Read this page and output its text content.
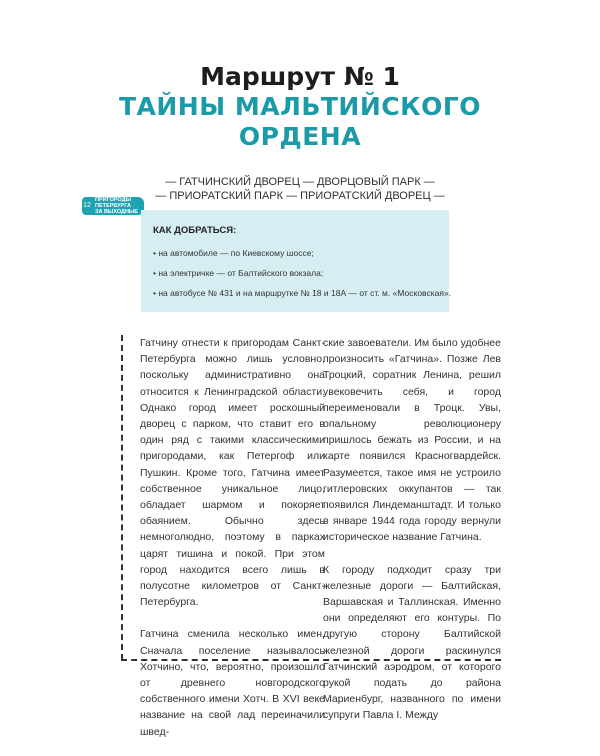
Маршрут № 1
ТАЙНЫ МАЛЬТИЙСКОГО
ОРДЕНА
— ГАТЧИНСКИЙ ДВОРЕЦ — ДВОРЦОВЫЙ ПАРК —
— ПРИОРАТСКИЙ ПАРК — ПРИОРАТСКИЙ ДВОРЕЦ —
12
ПРИГОРОДЫ
ПЕТЕРБУРГА
ЗА ВЫХОДНЫЕ
КАК ДОБРАТЬСЯ:
• на автомобиле — по Киевскому шоссе;
• на электричке — от Балтийского вокзала;
• на автобусе № 431 и на маршрутке № 18 и 18А — от ст. м. «Московская».

Гатчину отнести к пригородам Санкт-Петербурга можно лишь условно, поскольку административно она относится к Ленинградской области. Однако город имеет роскошный дворец с парком, что ставит его в один ряд с такими классическими пригородами, как Петергоф или Пушкин. Кроме того, Гатчина имеет собственное уникальное лицо, обладает шармом и покоряет обаянием. Обычно здесь немноголюдно, поэтому в парках царят тишина и покой. При этом город находится всего лишь в полусотне километров от Санкт-Петербурга.

Гатчина сменила несколько имен. Сначала поселение называлось Хотчино, что, вероятно, произошло от древнего новгородского собственного имени Хотч. В XVI веке название на свой лад переиначили швед-

ские завоеватели. Им было удобнее произносить «Гатчина». Позже Лев Троцкий, соратник Ленина, решил увековечить себя, и город переименовали в Троцк. Увы, опальному революционеру пришлось бежать из России, и на карте появился Красногвардейск. Разумеется, такое имя не устроило гитлеровских оккупантов — так появился Линдеманштадт. И только в январе 1944 года городу вернули историческое название Гатчина.

К городу подходит сразу три железные дороги — Балтийская, Варшавская и Таллинская. Именно они определяют его контуры. По другую сторону Балтийской железной дороги раскинулся Гатчинский аэродром, от которого рукой подать до района Мариенбург, названного по имени супруги Павла I. Между
